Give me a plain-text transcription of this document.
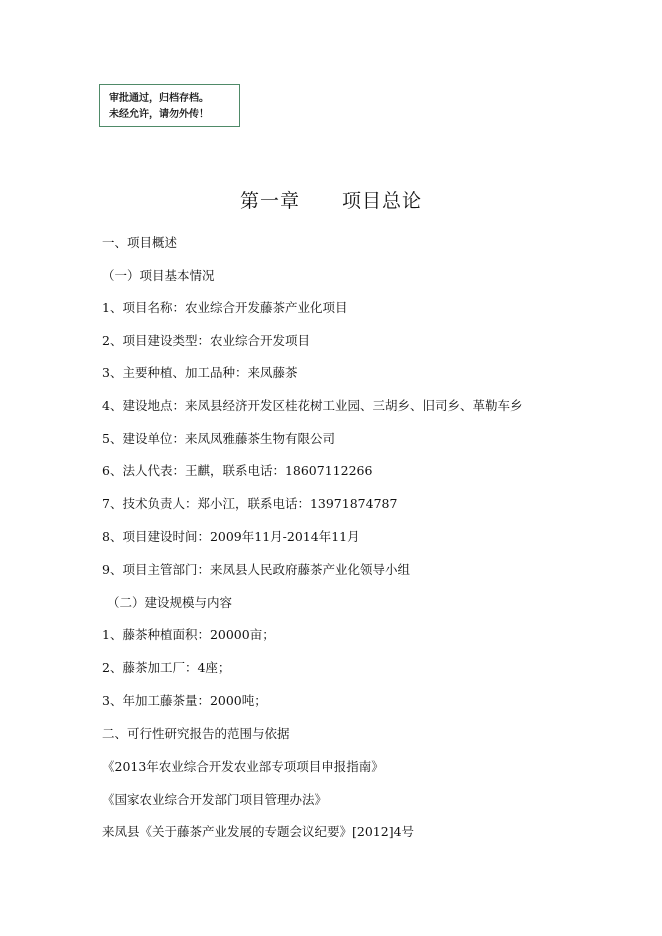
审批通过，归档存档。
未经允许，请勿外传！
第一章 项目总论
一、项目概述
（一）项目基本情况
1、项目名称：农业综合开发藤茶产业化项目
2、项目建设类型：农业综合开发项目
3、主要种植、加工品种：来凤藤茶
4、建设地点：来凤县经济开发区桂花树工业园、三胡乡、旧司乡、革勒车乡
5、建设单位：来凤凤雅藤茶生物有限公司
6、法人代表：王麒，联系电话：18607112266
7、技术负责人：郑小江，联系电话：13971874787
8、项目建设时间：2009年11月-2014年11月
9、项目主管部门：来凤县人民政府藤茶产业化领导小组
（二）建设规模与内容
1、藤茶种植面积：20000亩；
2、藤茶加工厂：4座；
3、年加工藤茶量：2000吨；
二、可行性研究报告的范围与依据
《2013年农业综合开发农业部专项项目申报指南》
《国家农业综合开发部门项目管理办法》
来凤县《关于藤茶产业发展的专题会议纪要》[2012]4号
